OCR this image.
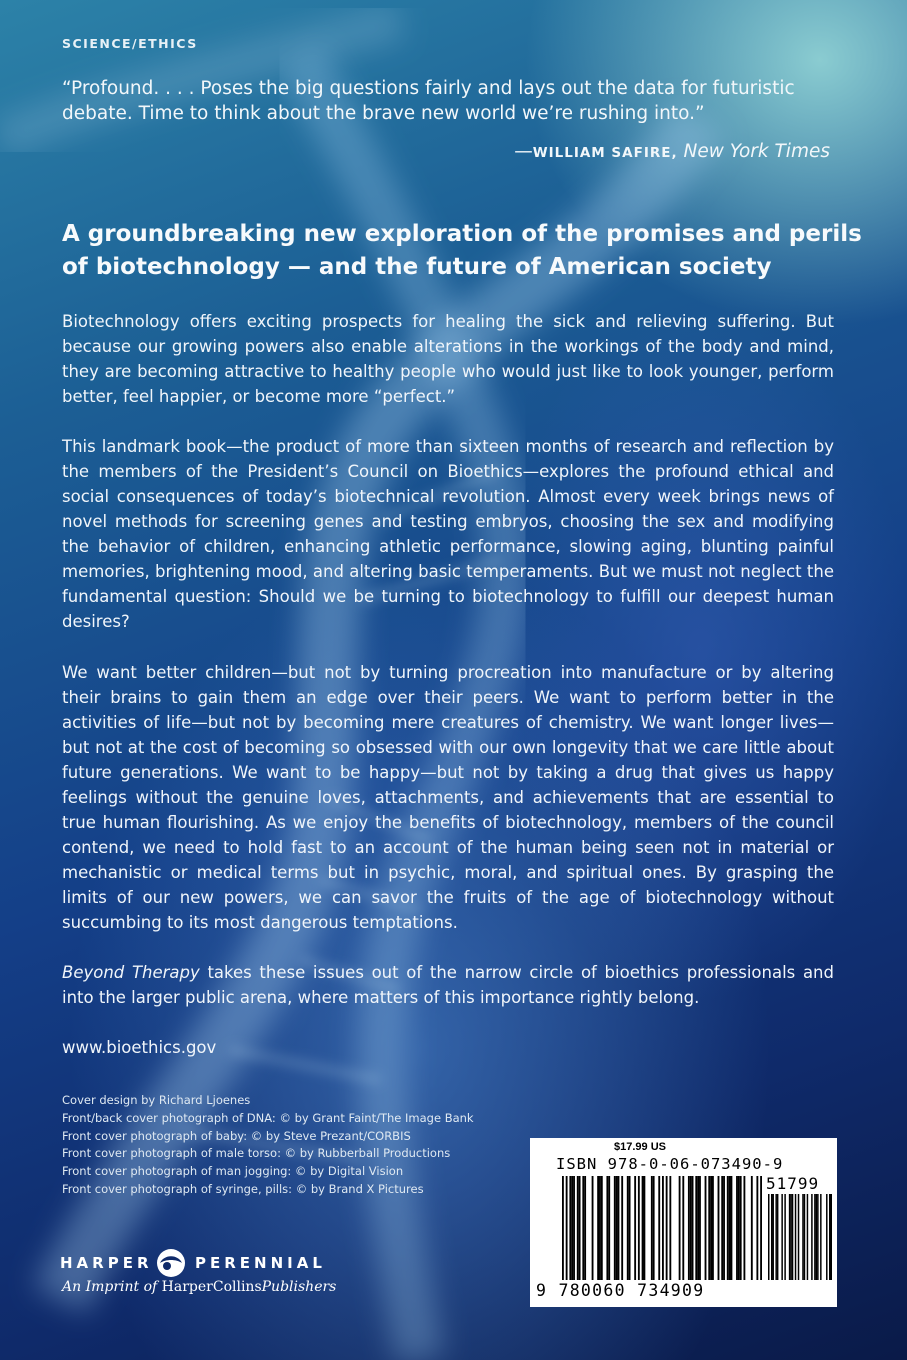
SCIENCE/ETHICS
“Profound. . . . Poses the big questions fairly and lays out the data for futuristic debate. Time to think about the brave new world we’re rushing into.”
—WILLIAM SAFIRE, New York Times
A groundbreaking new exploration of the promises and perils of biotechnology — and the future of American society
Biotechnology offers exciting prospects for healing the sick and relieving suffering. But because our growing powers also enable alterations in the workings of the body and mind, they are becoming attractive to healthy people who would just like to look younger, perform better, feel happier, or become more “perfect.”
This landmark book—the product of more than sixteen months of research and reflection by the members of the President’s Council on Bioethics—explores the profound ethical and social consequences of today’s biotechnical revolution. Almost every week brings news of novel methods for screening genes and testing embryos, choosing the sex and modifying the behavior of children, enhancing athletic performance, slowing aging, blunting painful memories, brightening mood, and altering basic temperaments. But we must not neglect the fundamental question: Should we be turning to biotechnology to fulfill our deepest human desires?
We want better children—but not by turning procreation into manufacture or by altering their brains to gain them an edge over their peers. We want to perform better in the activities of life—but not by becoming mere creatures of chemistry. We want longer lives—but not at the cost of becoming so obsessed with our own longevity that we care little about future generations. We want to be happy—but not by taking a drug that gives us happy feelings without the genuine loves, attachments, and achievements that are essential to true human flourishing. As we enjoy the benefits of biotechnology, members of the council contend, we need to hold fast to an account of the human being seen not in material or mechanistic or medical terms but in psychic, moral, and spiritual ones. By grasping the limits of our new powers, we can savor the fruits of the age of biotechnology without succumbing to its most dangerous temptations.
Beyond Therapy takes these issues out of the narrow circle of bioethics professionals and into the larger public arena, where matters of this importance rightly belong.
www.bioethics.gov
Cover design by Richard Ljoenes
Front/back cover photograph of DNA: © by Grant Faint/The Image Bank
Front cover photograph of baby: © by Steve Prezant/CORBIS
Front cover photograph of male torso: © by Rubberball Productions
Front cover photograph of man jogging: © by Digital Vision
Front cover photograph of syringe, pills: © by Brand X Pictures
HARPER	PERENNIAL
An Imprint of HarperCollinsPublishers
$17.99 US
ISBN 978-0-06-073490-9
51799
9 780060 734909
